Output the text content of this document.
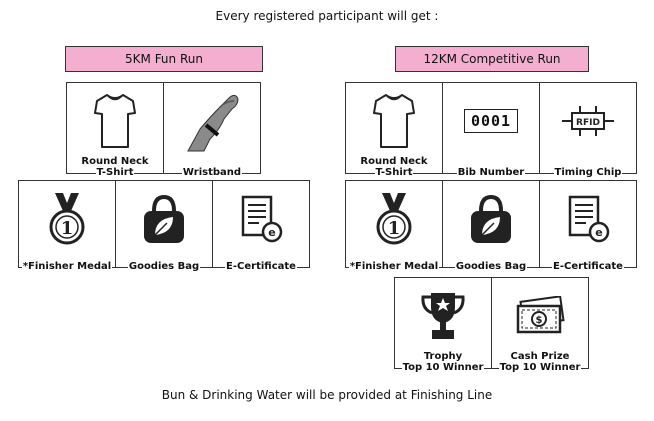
Every registered participant will get :
5KM Fun Run
Round Neck
T-Shirt	Wristband
1
*Finisher Medal	Goodies Bag
e
E-Certificate
12KM Competitive Run
Round Neck
T-Shirt
0001
Bib Number
RFID
Timing Chip
1
*Finisher Medal	Goodies Bag
e
E-Certificate
Trophy
Top 10 Winner
$
Cash Prize
Top 10 Winner
Bun & Drinking Water will be provided at Finishing Line
